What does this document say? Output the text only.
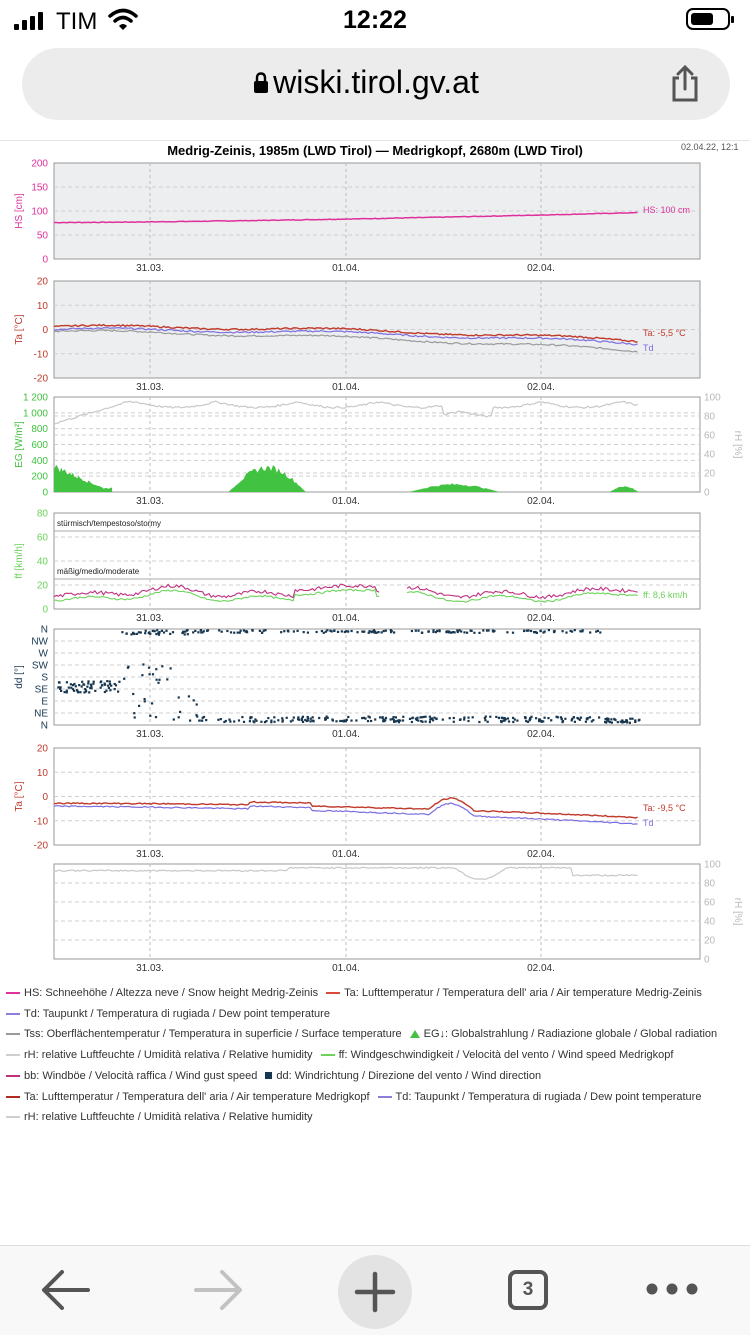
TIM	12:22
wiski.tirol.gv.at
31.03.	01.04.	02.04.
200
150
100
50
0
HS [cm]	HS: 100 cm
31.03.	01.04.	02.04.
20
10
0
-10
-20
Ta [°C]	Ta: -5,5 °C
Td
31.03.	01.04.	02.04.
1 200
1 000
800
600
400
200
0
EG [W/m²]
100
80
60
40
20
0
rH [%]
31.03.	01.04.	02.04.
80
60
40
20
0
ff [km/h]
stürmisch/tempestoso/stormy
mäßig/medio/moderate
ff: 8,6 km/h
31.03.	01.04.	02.04.
N
NW
W
SW
S
SE
E
NE
N
dd [°]
31.03.	01.04.	02.04.
20
10
0
-10
-20
Ta [°C]	Ta: -9,5 °C
Td
31.03.	01.04.	02.04.
100
80
60
40
20
0
rH [%]
Medrig-Zeinis, 1985m (LWD Tirol) — Medrigkopf, 2680m (LWD Tirol)	02.04.22, 12:1
HS: Schneehöhe / Altezza neve / Snow height Medrig-Zeinis Ta: Lufttemperatur / Temperatura dell' aria / Air temperature Medrig-Zeinis
Td: Taupunkt / Temperatura di rugiada / Dew point temperature
Tss: Oberflächentemperatur / Temperatura in superficie / Surface temperature EG↓: Globalstrahlung / Radiazione globale / Global radiation
rH: relative Luftfeuchte / Umidità relativa / Relative humidity ff: Windgeschwindigkeit / Velocità del vento / Wind speed Medrigkopf
bb: Windböe / Velocità raffica / Wind gust speed dd: Windrichtung / Direzione del vento / Wind direction
Ta: Lufttemperatur / Temperatura dell' aria / Air temperature Medrigkopf Td: Taupunkt / Temperatura di rugiada / Dew point temperature
rH: relative Luftfeuchte / Umidità relativa / Relative humidity
3
